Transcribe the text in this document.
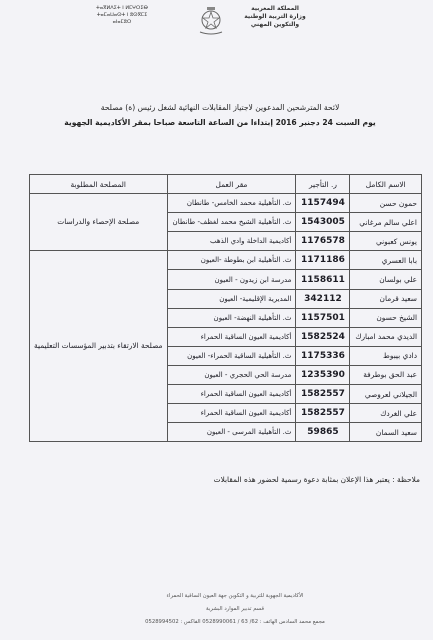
ⵜⴰⴳⵍⴷⵉⵜ ⵏ ⵍⵎⵖⵔⵉⴱ
ⵜⴰⵎⴰⵡⴰⵙⵜ ⵏ ⵓⵙⴳⵎⵉ
ⴰⵏⴰⵎⵓⵔ
المملكة المغربية
وزارة التربية الوطنية
والتكوين المهني
لائحة المترشحين المدعوين لاجتياز المقابلات النهائية لشغل رئيس (ة) مصلحة
يوم السبت 24 دجنبر 2016 إبتداءا من الساعة التاسعة صباحا بمقر الأكاديمية الجهوية
الاسم الكامل	ر. التأجير	مقر العمل	المصلحة المطلوبة
حمون حسن	1157494	ث. التأهيلية محمد الخامس- طانطان	مصلحة الإحصاء والدراسات
اعلي سالم مرغاني	1543005	ث. التأهيلية الشيخ محمد لغظف- طانطان	
يونس كعبوني	1176578	أكاديمية الداخلة وادي الذهب	
بابا العسري	1171186	ث. التأهيلية ابن بطوطة -العيون	مصلحة الارتقاء بتدبير المؤسسات التعليمية
علي بولسان	1158611	مدرسة ابن زيدون - العيون	
سعيد قرمان	342112	المديرية الإقليمية- العيون	
الشيخ حسون	1157501	ث. التأهيلية النهضة- العيون	
الديدي محمد امبارك	1582524	أكاديمية العيون الساقية الحمراء	
دادي بيبوط	1175336	ث. التأهيلية الساقية الحمراء- العيون	
عبد الحق بوطرفة	1235390	مدرسة الحي الحجري - العيون	
الجيلاني لعروصي	1582557	أكاديمية العيون الساقية الحمراء	
علي الغردك	1582557	أكاديمية العيون الساقية الحمراء	
سعيد السمان	59865	ث. التأهيلية المرسى - العيون	
ملاحظة : يعتبر هذا الإعلان بمثابة دعوة رسمية لحضور هذه المقابلات
الأكاديمية الجهوية للتربية و التكوين جهة العيون الساقية الحمراء
قسم تدبير الموارد البشرية
مجمع محمد السادس الهاتف : 62/ 63 / 0528990061 الفاكس : 0528994502
